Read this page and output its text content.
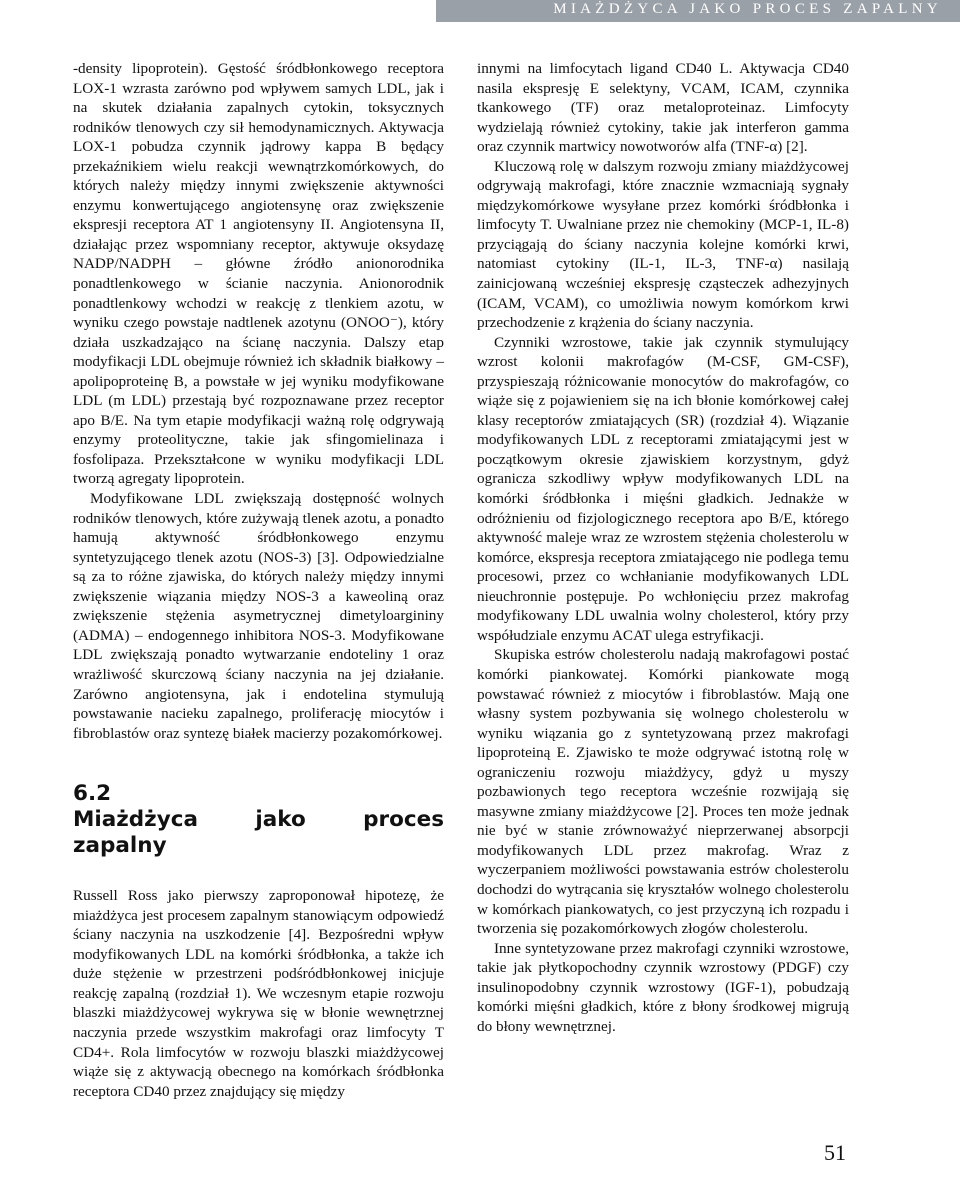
MIAŻDŻYCA JAKO PROCES ZAPALNY

-density lipoprotein). Gęstość śródbłonkowego receptora LOX-1 wzrasta zarówno pod wpływem samych LDL, jak i na skutek działania zapalnych cytokin, toksycznych rodników tlenowych czy sił hemodynamicznych. Aktywacja LOX-1 pobudza czynnik jądrowy kappa B będący przekaźnikiem wielu reakcji wewnątrzkomórkowych, do których należy między innymi zwiększenie aktywności enzymu konwertującego angiotensynę oraz zwiększenie ekspresji receptora AT 1 angiotensyny II. Angiotensyna II, działając przez wspomniany receptor, aktywuje oksydazę NADP/NADPH – główne źródło anionorodnika ponadtlenkowego w ścianie naczynia. Anionorodnik ponadtlenkowy wchodzi w reakcję z tlenkiem azotu, w wyniku czego powstaje nadtlenek azotynu (ONOO⁻), który działa uszkadzająco na ścianę naczynia. Dalszy etap modyfikacji LDL obejmuje również ich składnik białkowy – apolipoproteinę B, a powstałe w jej wyniku modyfikowane LDL (m LDL) przestają być rozpoznawane przez receptor apo B/E. Na tym etapie modyfikacji ważną rolę odgrywają enzymy proteolityczne, takie jak sfingomielinaza i fosfolipaza. Przekształcone w wyniku modyfikacji LDL tworzą agregaty lipoprotein.

Modyfikowane LDL zwiększają dostępność wolnych rodników tlenowych, które zużywają tlenek azotu, a ponadto hamują aktywność śródbłonkowego enzymu syntetyzującego tlenek azotu (NOS-3) [3]. Odpowiedzialne są za to różne zjawiska, do których należy między innymi zwiększenie wiązania między NOS-3 a kaweoliną oraz zwiększenie stężenia asymetrycznej dimetyloargininy (ADMA) – endogennego inhibitora NOS-3. Modyfikowane LDL zwiększają ponadto wytwarzanie endoteliny 1 oraz wrażliwość skurczową ściany naczynia na jej działanie. Zarówno angiotensyna, jak i endotelina stymulują powstawanie nacieku zapalnego, proliferację miocytów i fibroblastów oraz syntezę białek macierzy pozakomórkowej.

6.2
Miażdżyca jako proces zapalny

Russell Ross jako pierwszy zaproponował hipotezę, że miażdżyca jest procesem zapalnym stanowiącym odpowiedź ściany naczynia na uszkodzenie [4]. Bezpośredni wpływ modyfikowanych LDL na komórki śródbłonka, a także ich duże stężenie w przestrzeni podśródbłonkowej inicjuje reakcję zapalną (rozdział 1). We wczesnym etapie rozwoju blaszki miażdżycowej wykrywa się w błonie wewnętrznej naczynia przede wszystkim makrofagi oraz limfocyty T CD4+. Rola limfocytów w rozwoju blaszki miażdżycowej wiąże się z aktywacją obecnego na komórkach śródbłonka receptora CD40 przez znajdujący się między

innymi na limfocytach ligand CD40 L. Aktywacja CD40 nasila ekspresję E selektyny, VCAM, ICAM, czynnika tkankowego (TF) oraz metaloproteinaz. Limfocyty wydzielają również cytokiny, takie jak interferon gamma oraz czynnik martwicy nowotworów alfa (TNF-α) [2].

Kluczową rolę w dalszym rozwoju zmiany miażdżycowej odgrywają makrofagi, które znacznie wzmacniają sygnały międzykomórkowe wysyłane przez komórki śródbłonka i limfocyty T. Uwalniane przez nie chemokiny (MCP-1, IL-8) przyciągają do ściany naczynia kolejne komórki krwi, natomiast cytokiny (IL-1, IL-3, TNF-α) nasilają zainicjowaną wcześniej ekspresję cząsteczek adhezyjnych (ICAM, VCAM), co umożliwia nowym komórkom krwi przechodzenie z krążenia do ściany naczynia.

Czynniki wzrostowe, takie jak czynnik stymulujący wzrost kolonii makrofagów (M-CSF, GM-CSF), przyspieszają różnicowanie monocytów do makrofagów, co wiąże się z pojawieniem się na ich błonie komórkowej całej klasy receptorów zmiatających (SR) (rozdział 4). Wiązanie modyfikowanych LDL z receptorami zmiatającymi jest w początkowym okresie zjawiskiem korzystnym, gdyż ogranicza szkodliwy wpływ modyfikowanych LDL na komórki śródbłonka i mięśni gładkich. Jednakże w odróżnieniu od fizjologicznego receptora apo B/E, którego aktywność maleje wraz ze wzrostem stężenia cholesterolu w komórce, ekspresja receptora zmiatającego nie podlega temu procesowi, przez co wchłanianie modyfikowanych LDL nieuchronnie postępuje. Po wchłonięciu przez makrofag modyfikowany LDL uwalnia wolny cholesterol, który przy współudziale enzymu ACAT ulega estryfikacji.

Skupiska estrów cholesterolu nadają makrofagowi postać komórki piankowatej. Komórki piankowate mogą powstawać również z miocytów i fibroblastów. Mają one własny system pozbywania się wolnego cholesterolu w wyniku wiązania go z syntetyzowaną przez makrofagi lipoproteiną E. Zjawisko te może odgrywać istotną rolę w ograniczeniu rozwoju miażdżycy, gdyż u myszy pozbawionych tego receptora wcześnie rozwijają się masywne zmiany miażdżycowe [2]. Proces ten może jednak nie być w stanie zrównoważyć nieprzerwanej absorpcji modyfikowanych LDL przez makrofag. Wraz z wyczerpaniem możliwości powstawania estrów cholesterolu dochodzi do wytrącania się kryształów wolnego cholesterolu w komórkach piankowatych, co jest przyczyną ich rozpadu i tworzenia się pozakomórkowych złogów cholesterolu.

Inne syntetyzowane przez makrofagi czynniki wzrostowe, takie jak płytkopochodny czynnik wzrostowy (PDGF) czy insulinopodobny czynnik wzrostowy (IGF-1), pobudzają komórki mięśni gładkich, które z błony środkowej migrują do błony wewnętrznej.

51
